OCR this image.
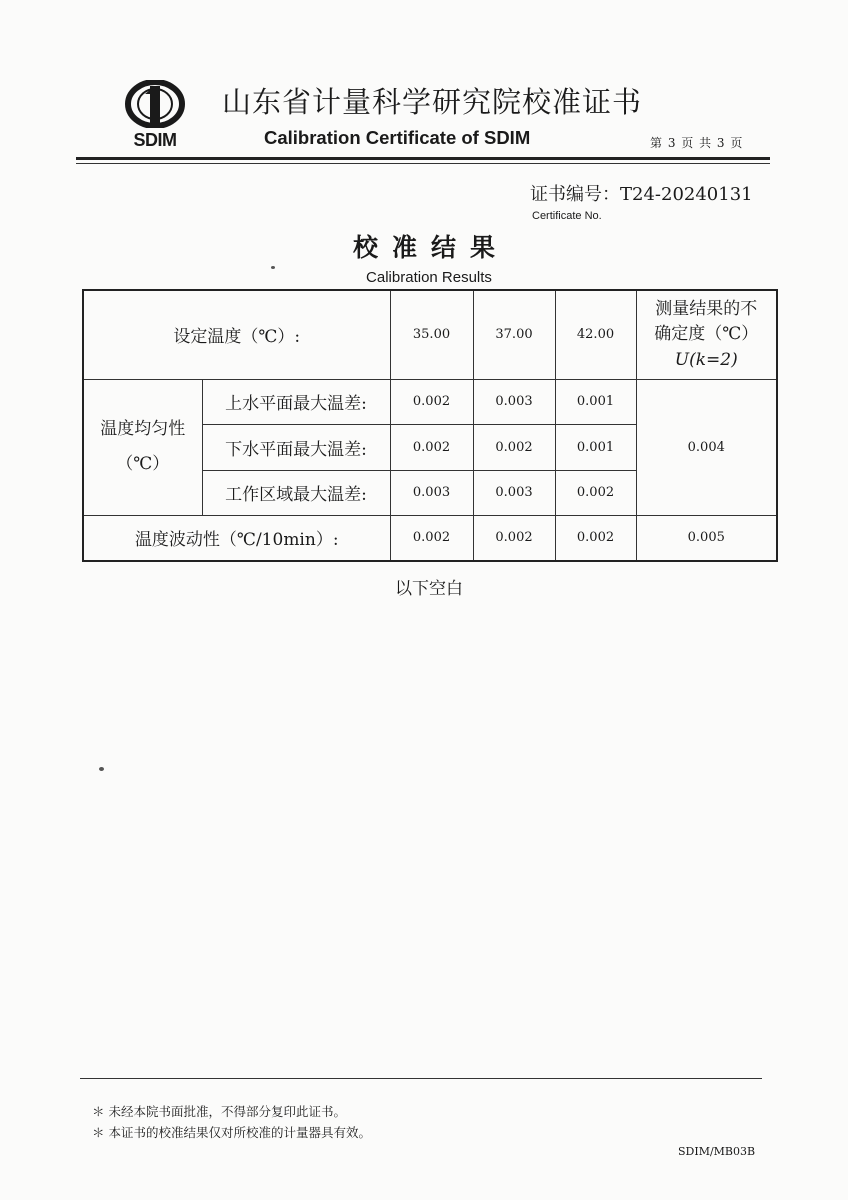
SDIM
山东省计量科学研究院校准证书
Calibration Certificate of SDIM	第 3 页 共 3 页
证书编号：T24-20240131
Certificate No.
校准结果
Calibration Results
设定温度（℃）:		35.00	37.00	42.00	测量结果的不
确定度（℃）
U(k=2)

温度均匀性
（℃）	上水平面最大温差:	0.002	0.003	0.001	0.004
	下水平面最大温差:	0.002	0.002	0.001	
	工作区域最大温差:	0.003	0.003	0.002	
温度波动性（℃/10min）:		0.002	0.002	0.002	0.005
以下空白
＊ 未经本院书面批准，不得部分复印此证书。
＊ 本证书的校准结果仅对所校准的计量器具有效。
SDIM/MB03B
